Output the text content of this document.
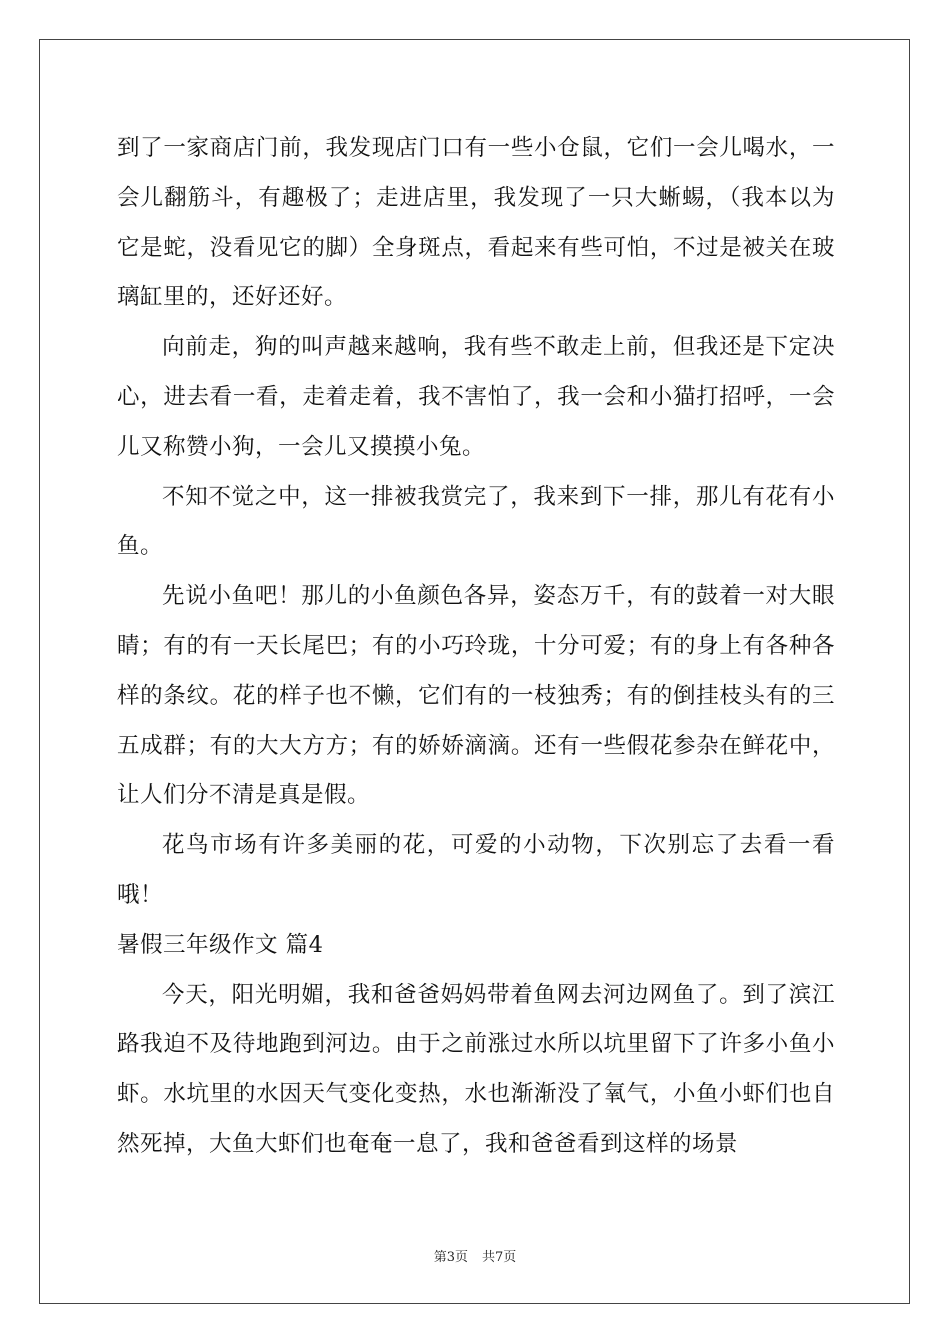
到了一家商店门前，我发现店门口有一些小仓鼠，它们一会儿喝水，一会儿翻筋斗，有趣极了；走进店里，我发现了一只大蜥蜴，（我本以为它是蛇，没看见它的脚）全身斑点，看起来有些可怕，不过是被关在玻璃缸里的，还好还好。

向前走，狗的叫声越来越响，我有些不敢走上前，但我还是下定决心，进去看一看，走着走着，我不害怕了，我一会和小猫打招呼，一会儿又称赞小狗，一会儿又摸摸小兔。

不知不觉之中，这一排被我赏完了，我来到下一排，那儿有花有小鱼。

先说小鱼吧！那儿的小鱼颜色各异，姿态万千，有的鼓着一对大眼睛；有的有一天长尾巴；有的小巧玲珑，十分可爱；有的身上有各种各样的条纹。花的样子也不懒，它们有的一枝独秀；有的倒挂枝头有的三五成群；有的大大方方；有的娇娇滴滴。还有一些假花参杂在鲜花中，让人们分不清是真是假。

花鸟市场有许多美丽的花，可爱的小动物，下次别忘了去看一看哦！

暑假三年级作文 篇4

今天，阳光明媚，我和爸爸妈妈带着鱼网去河边网鱼了。到了滨江路我迫不及待地跑到河边。由于之前涨过水所以坑里留下了许多小鱼小虾。水坑里的水因天气变化变热，水也渐渐没了氧气，小鱼小虾们也自然死掉，大鱼大虾们也奄奄一息了，我和爸爸看到这样的场景

第3页 共7页
